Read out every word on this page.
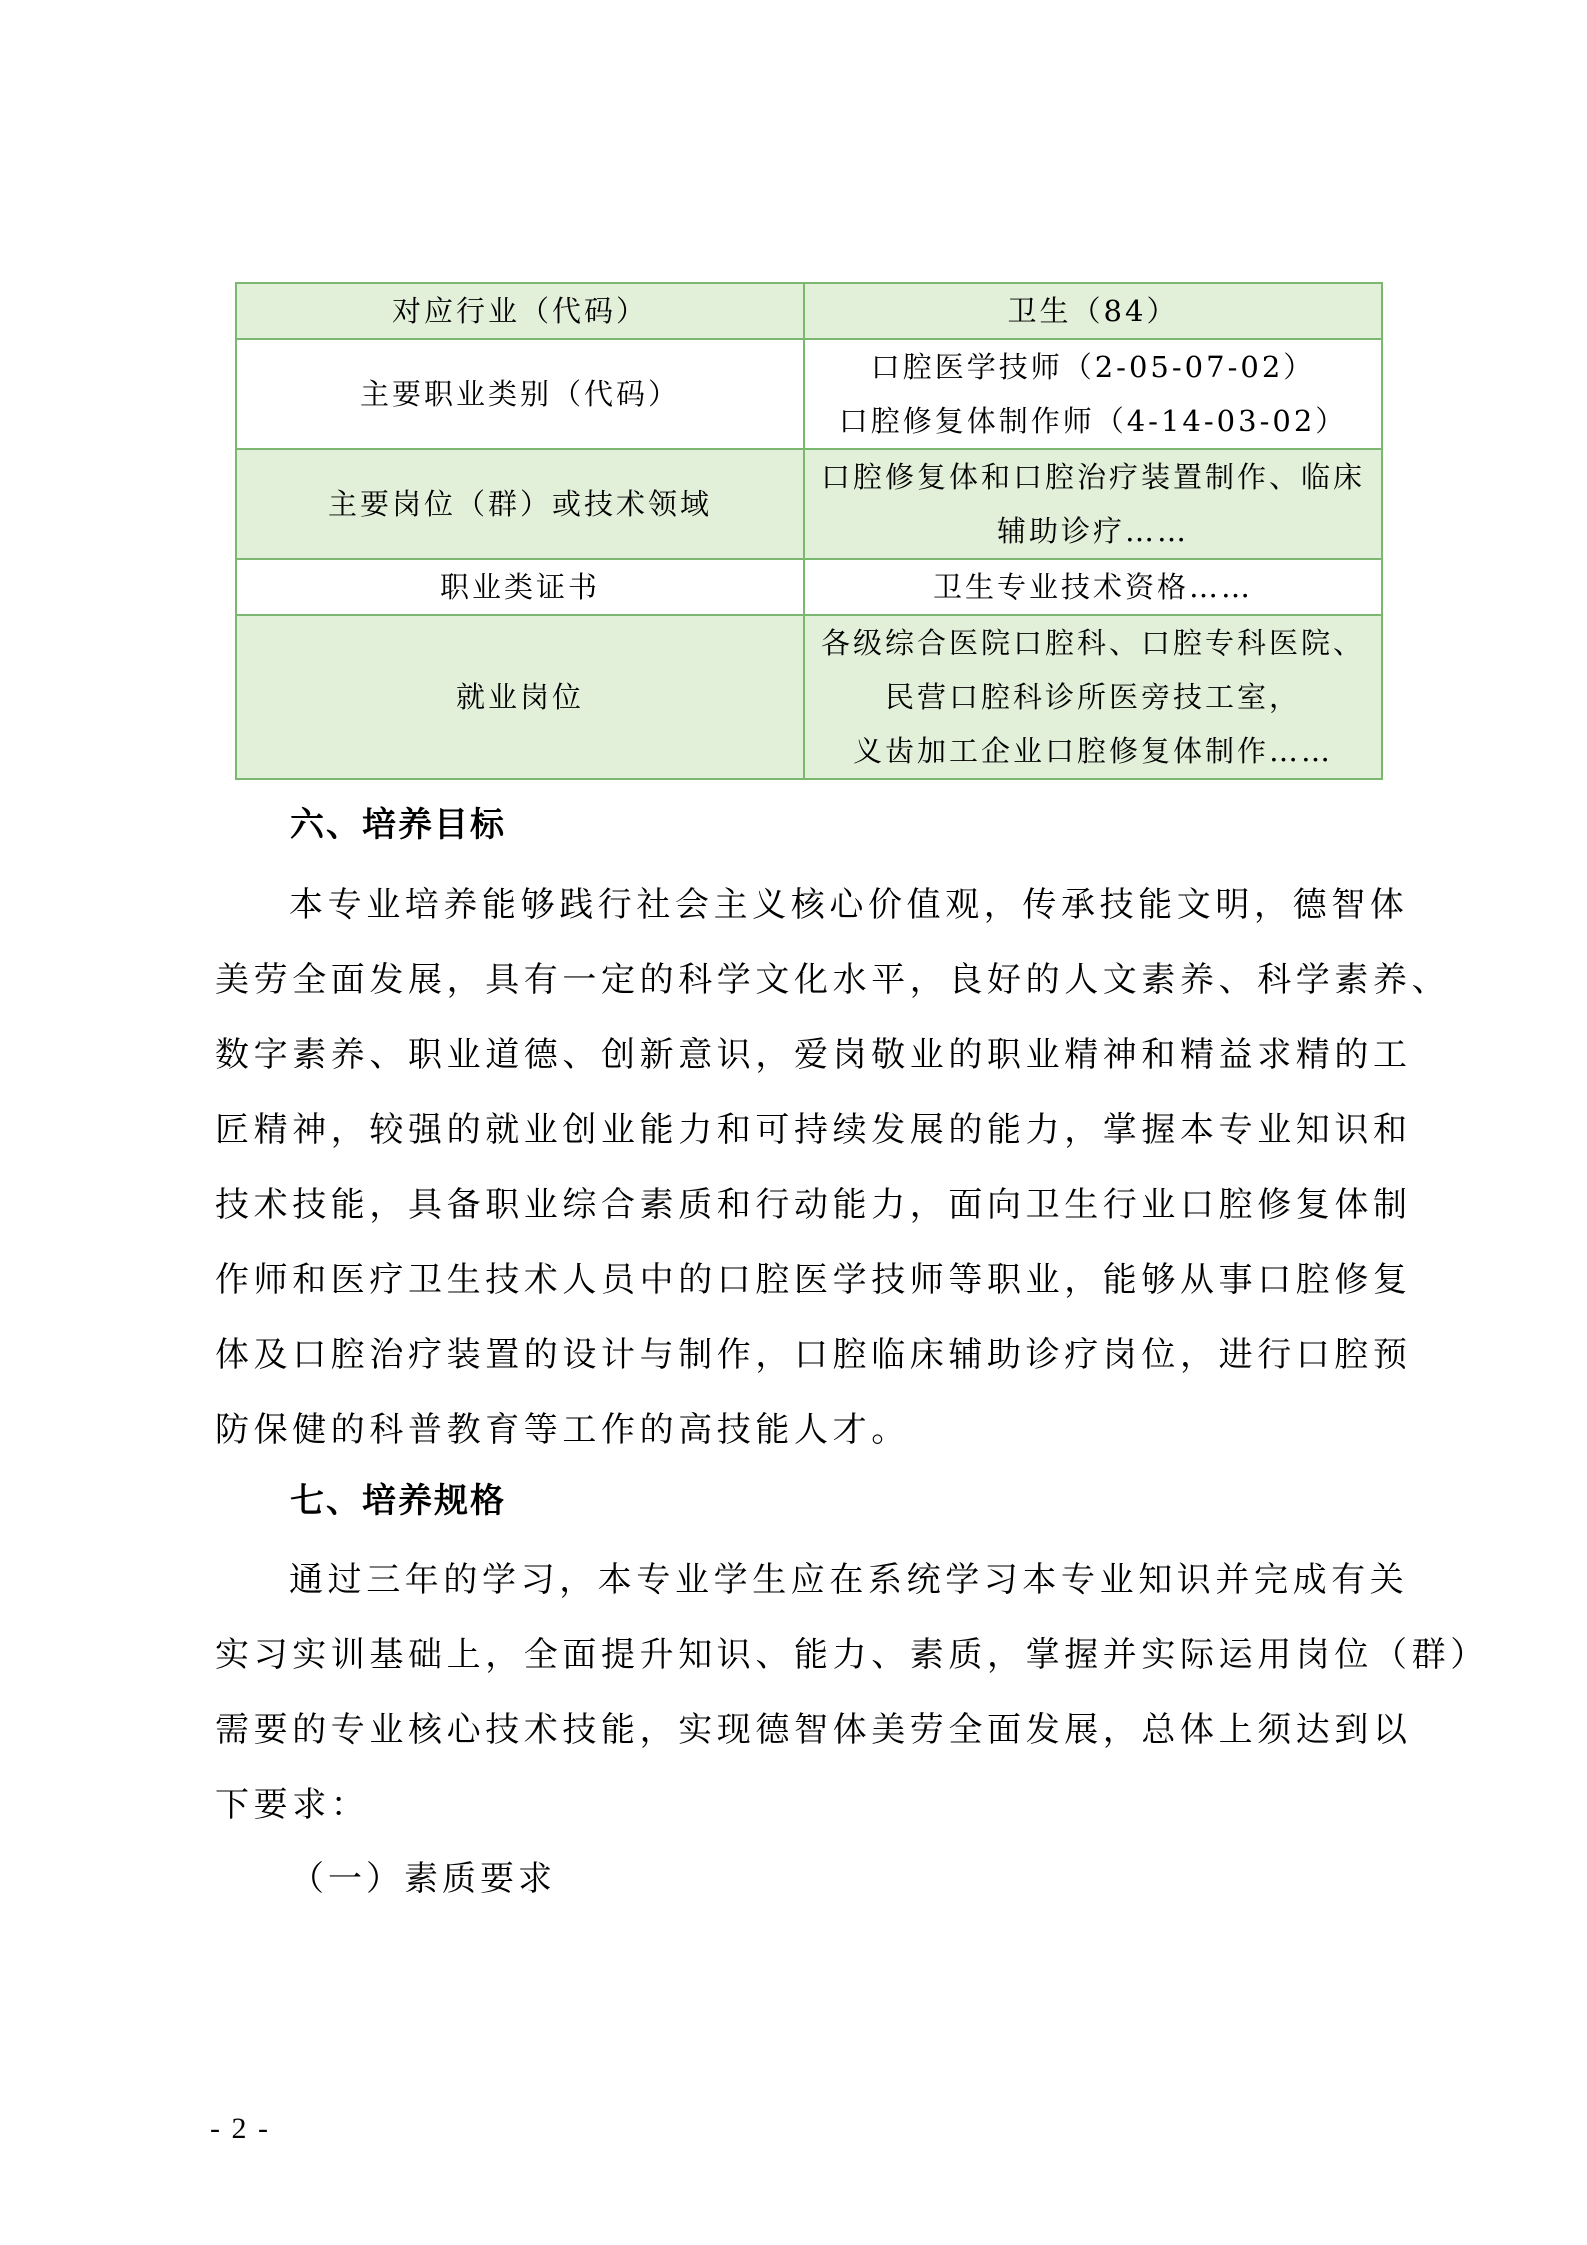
对应行业（代码）	卫生（84）

主要职业类别（代码）	口腔医学技师（2-05-07-02）
口腔修复体制作师（4-14-03-02）

主要岗位（群）或技术领域	口腔修复体和口腔治疗装置制作、临床
辅助诊疗……

职业类证书	卫生专业技术资格……

就业岗位	各级综合医院口腔科、口腔专科医院、
民营口腔科诊所医旁技工室，
义齿加工企业口腔修复体制作……
六、培养目标
本专业培养能够践行社会主义核心价值观，传承技能文明，德智体
美劳全面发展，具有一定的科学文化水平，良好的人文素养、科学素养、
数字素养、职业道德、创新意识，爱岗敬业的职业精神和精益求精的工
匠精神，较强的就业创业能力和可持续发展的能力，掌握本专业知识和
技术技能，具备职业综合素质和行动能力，面向卫生行业口腔修复体制
作师和医疗卫生技术人员中的口腔医学技师等职业，能够从事口腔修复
体及口腔治疗装置的设计与制作，口腔临床辅助诊疗岗位，进行口腔预
防保健的科普教育等工作的高技能人才。
七、培养规格
通过三年的学习，本专业学生应在系统学习本专业知识并完成有关
实习实训基础上，全面提升知识、能力、素质，掌握并实际运用岗位（群）
需要的专业核心技术技能，实现德智体美劳全面发展，总体上须达到以
下要求：
（一）素质要求
- 2 -
